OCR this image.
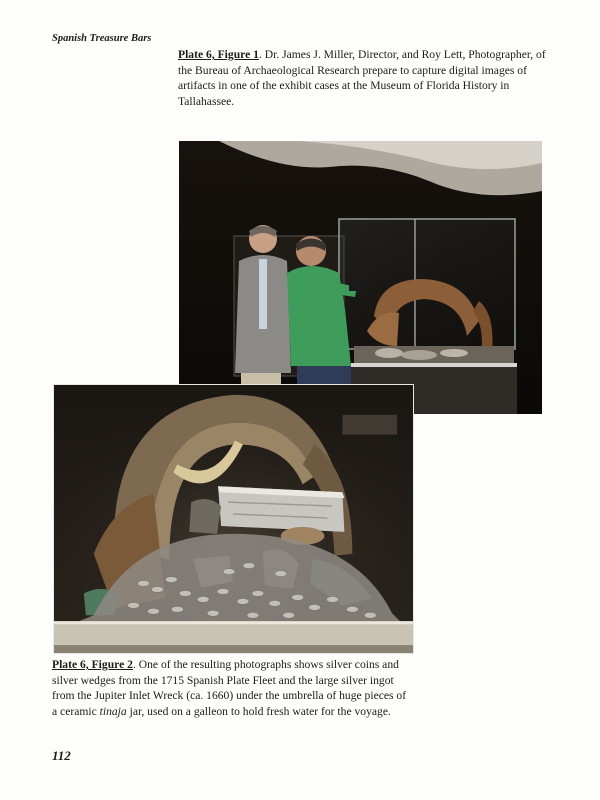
Spanish Treasure Bars

Plate 6, Figure 1. Dr. James J. Miller, Director, and Roy Lett, Photographer, of the Bureau of Archaeological Research prepare to capture digital images of artifacts in one of the exhibit cases at the Museum of Florida History in Tallahassee.

Plate 6, Figure 2. One of the resulting photographs shows silver coins and silver wedges from the 1715 Spanish Plate Fleet and the large silver ingot from the Jupiter Inlet Wreck (ca. 1660) under the umbrella of huge pieces of a ceramic tinaja jar, used on a galleon to hold fresh water for the voyage.

112
